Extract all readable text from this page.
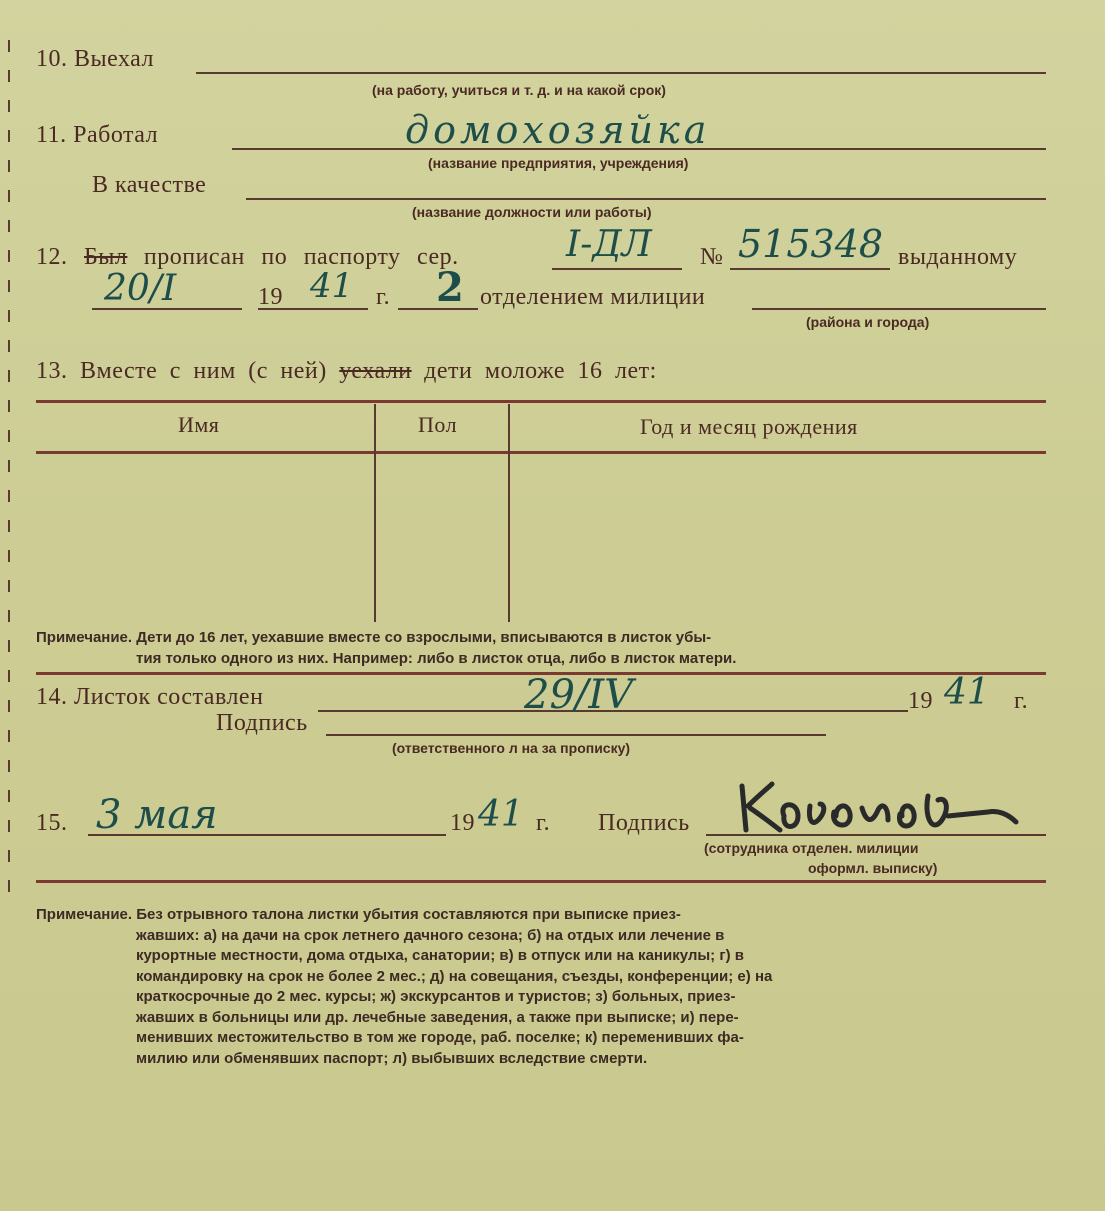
10. Выехал
(на работу, учиться и т. д. и на какой срок)
11. Работал	домохозяйка
(название предприятия, учреждения)
В качестве
(название должности или работы)
12. Был прописан по паспорту сер.	I-ДЛ № 515348 выданному
20/I	19 41 г. 2 отделением милиции
(района и города)
13. Вместе с ним (с ней) уехали дети моложе 16 лет:
Имя	Пол	Год и месяц рождения
Примечание. Дети до 16 лет, уехавшие вместе со взрослыми, вписываются в листок убы-
тия только одного из них. Например: либо в листок отца, либо в листок матери.
14. Листок составлен	29/IV	19 41 г.
Подпись
(ответственного л на за прописку)
15. 3 мая	19 41 г. Подпись
(сотрудника отделен. милиции
оформл. выписку)
Примечание. Без отрывного талона листки убытия составляются при выписке приез-
жавших: а) на дачи на срок летнего дачного сезона; б) на отдых или лечение в
курортные местности, дома отдыха, санатории; в) в отпуск или на каникулы; г) в
командировку на срок не более 2 мес.; д) на совещания, съезды, конференции; е) на
краткосрочные до 2 мес. курсы; ж) экскурсантов и туристов; з) больных, приез-
жавших в больницы или др. лечебные заведения, а также при выписке; и) пере-
менивших местожительство в том же городе, раб. поселке; к) переменивших фа-
милию или обменявших паспорт; л) выбывших вследствие смерти.
